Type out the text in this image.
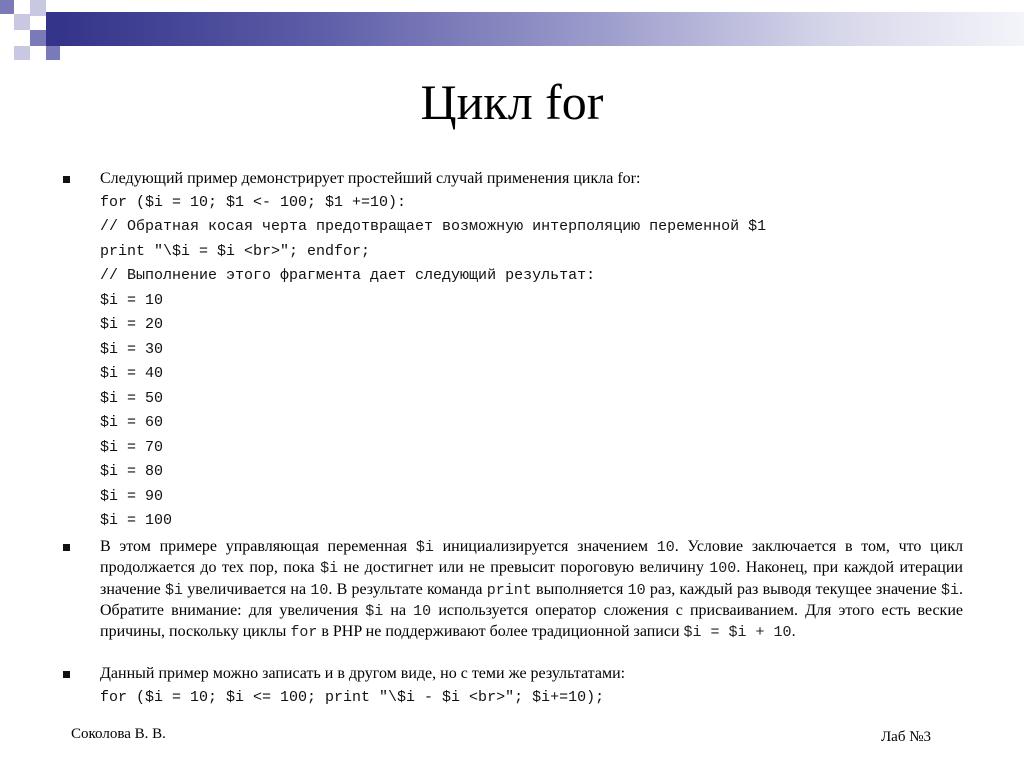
Цикл for
Следующий пример демонстрирует простейший случай применения цикла for:
for ($i = 10; $1 <- 100; $1 +=10):
// Обратная косая черта предотвращает возможную интерполяцию переменной $1
print "\$i = $i <br>"; endfor;
// Выполнение этого фрагмента дает следующий результат:
$i = 10
$i = 20
$i = 30
$i = 40
$i = 50
$i = 60
$i = 70
$i = 80
$i = 90
$i = 100
В этом примере управляющая переменная $i инициализируется значением 10. Условие заключается в том, что цикл продолжается до тех пор, пока $i не достигнет или не превысит пороговую величину 100. Наконец, при каждой итерации значение $i увеличивается на 10. В результате команда print выполняется 10 раз, каждый раз выводя текущее значение $i. Обратите внимание: для увеличения $i на 10 используется оператор сложения с присваиванием. Для этого есть веские причины, поскольку циклы for в PHP не поддерживают более традиционной записи $i = $i + 10.
Данный пример можно записать и в другом виде, но с теми же результатами:
for ($i = 10; $i <= 100; print "\$i - $i <br>"; $i+=10);
Соколова В. В.	Лаб №3
